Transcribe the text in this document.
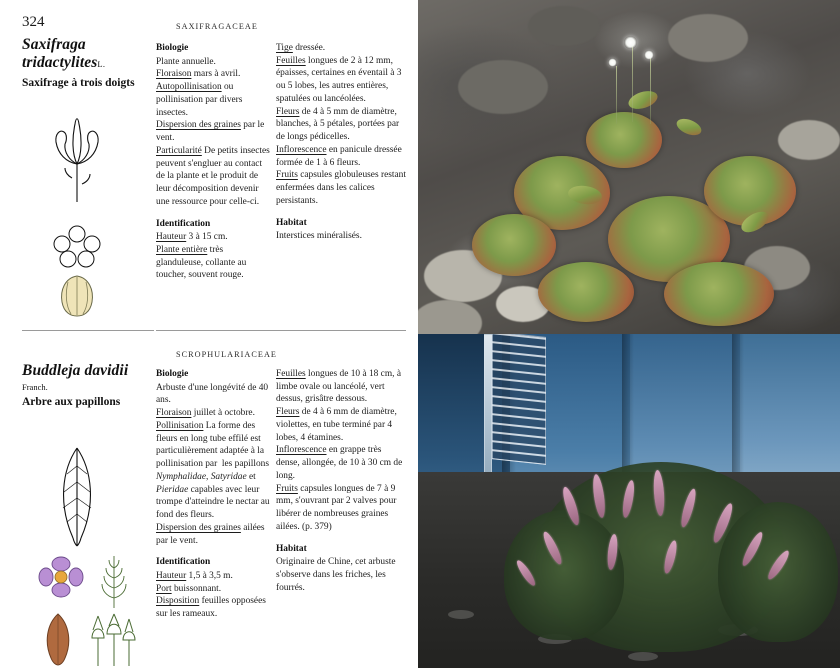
324	SAXIFRAGACEAE
Saxifraga tridactylitesL.
Saxifrage à trois doigts
Biologie

Plante annuelle.

Floraison mars à avril.

Autopollinisation ou pollinisation par divers insectes.

Dispersion des graines par le vent.

Particularité De petits insectes peuvent s'engluer au contact de la plante et le produit de leur décomposition devenir une ressource pour celle-ci.

Identification

Hauteur 3 à 15 cm.

Plante entière très glanduleuse, collante au toucher, souvent rouge.

Tige dressée.

Feuilles longues de 2 à 12 mm, épaisses, certaines en éventail à 3 ou 5 lobes, les autres entières, spatulées ou lancéolées.

Fleurs de 4 à 5 mm de diamètre, blanches, à 5 pétales, portées par de longs pédicelles.

Inflorescence en panicule dressée formée de 1 à 6 fleurs.

Fruits capsules globuleuses restant enfermées dans les calices persistants.

Habitat

Interstices minéralisés.

SCROPHULARIACEAE
Buddleja davidii
Franch.
Arbre aux papillons
Biologie

Arbuste d'une longévité de 40 ans.

Floraison juillet à octobre.

Pollinisation La forme des fleurs en long tube effilé est particulièrement adaptée à la pollinisation par  les papillons Nymphalidae, Satyridae et Pieridae capables avec leur trompe d'atteindre le nectar au fond des fleurs.

Dispersion des graines ailées par le vent.

Identification

Hauteur 1,5 à 3,5 m.

Port buissonnant.

Disposition feuilles opposées sur les rameaux.

Feuilles longues de 10 à 18 cm, à limbe ovale ou lancéolé, vert dessus, grisâtre dessous.

Fleurs de 4 à 6 mm de diamètre, violettes, en tube terminé par 4 lobes, 4 étamines.

Inflorescence en grappe très dense, allongée, de 10 à 30 cm de long.

Fruits capsules longues de 7 à 9 mm, s'ouvrant par 2 valves pour libérer de nombreuses graines ailées. (p. 379)

Habitat

Originaire de Chine, cet arbuste s'observe dans les friches, les fourrés.
